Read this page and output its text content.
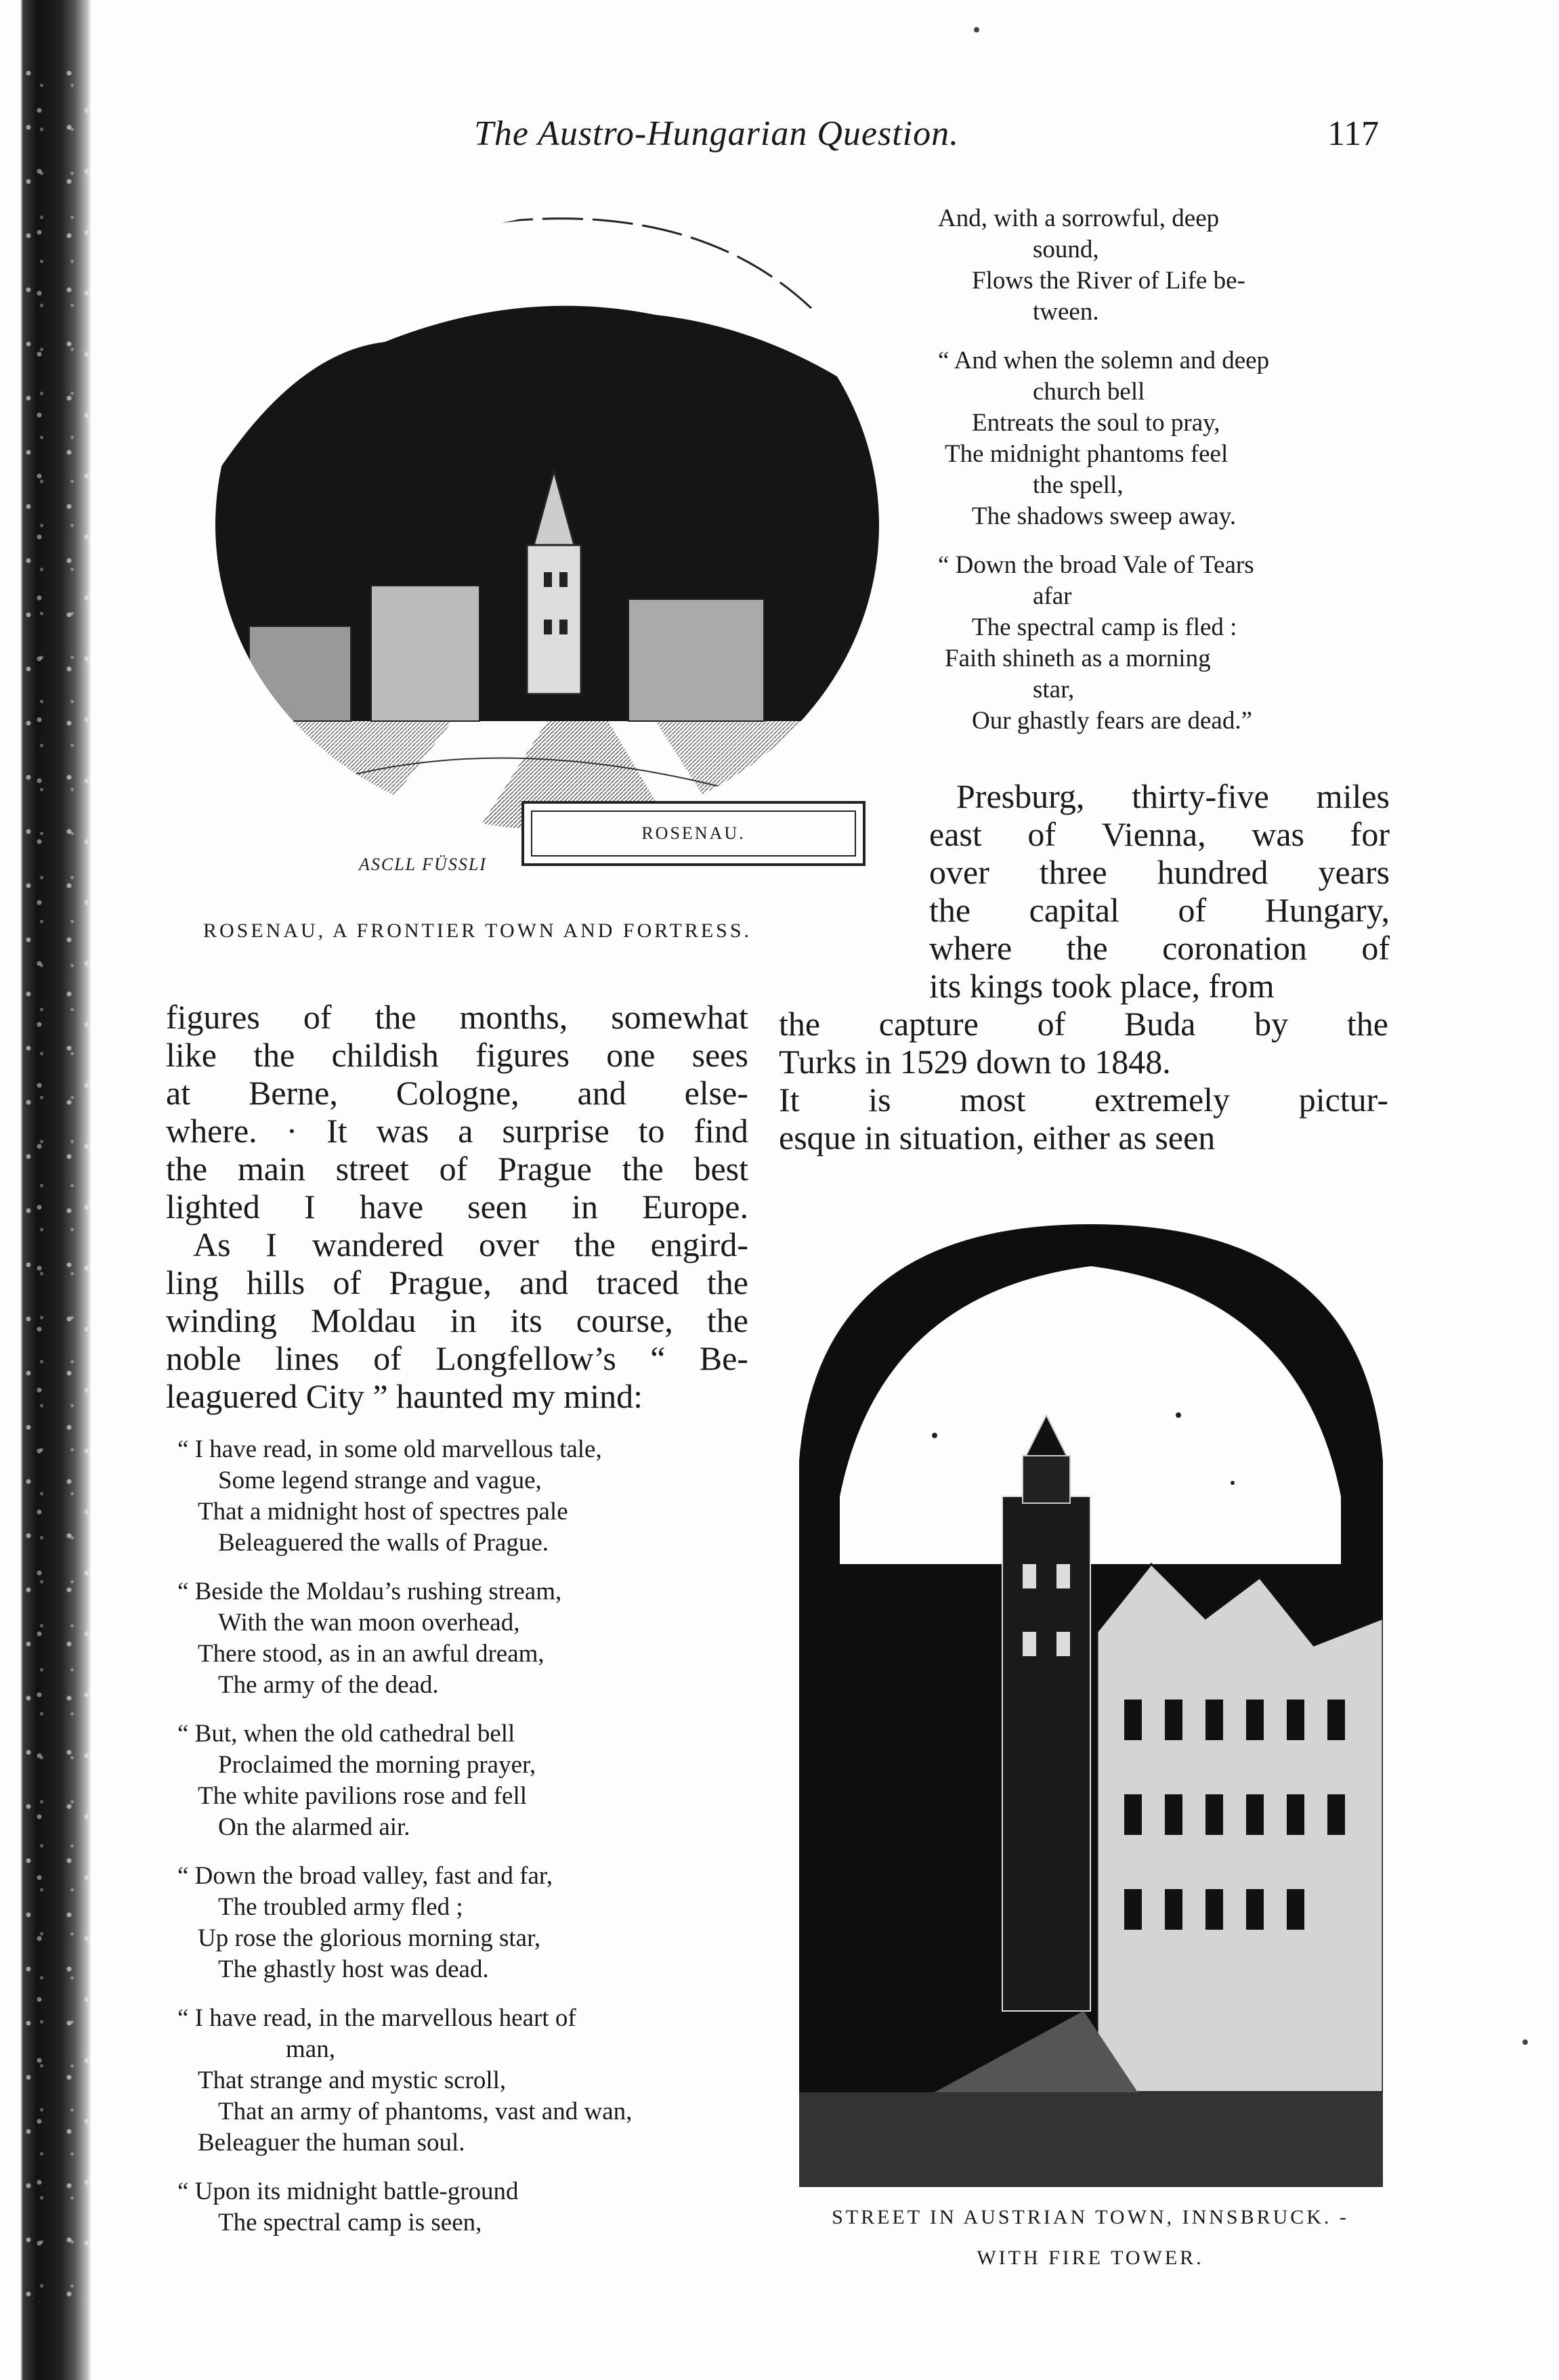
The Austro-Hungarian Question.	117
And, with a sorrowful, deep
sound,
Flows the River of Life be-
tween.
“ And when the solemn and deep
church bell
Entreats the soul to pray,
The midnight phantoms feel
the spell,
The shadows sweep away.
“ Down the broad Vale of Tears
afar
The spectral camp is fled :
Faith shineth as a morning
star,
Our ghastly fears are dead.”
ROSENAU.
ASCLL FÜSSLI
ROSENAU, A FRONTIER TOWN AND FORTRESS.
Presburg, thirty-five miles
east of Vienna, was for
over three hundred years
the capital of Hungary,
where the coronation of
its kings took place, from
the capture of Buda by the
Turks in 1529 down to 1848.
It is most extremely pictur-
esque in situation, either as seen
figures of the months, somewhat
like the childish figures one sees
at Berne, Cologne, and else-
where. · It was a surprise to find
the main street of Prague the best
lighted I have seen in Europe.
As I wandered over the engird-
ling hills of Prague, and traced the
winding Moldau in its course, the
noble lines of Longfellow’s “ Be-
leaguered City ” haunted my mind:
“ I have read, in some old marvellous tale,
Some legend strange and vague,
That a midnight host of spectres pale
Beleaguered the walls of Prague.
“ Beside the Moldau’s rushing stream,
With the wan moon overhead,
There stood, as in an awful dream,
The army of the dead.
“ But, when the old cathedral bell
Proclaimed the morning prayer,
The white pavilions rose and fell
On the alarmed air.
“ Down the broad valley, fast and far,
The troubled army fled ;
Up rose the glorious morning star,
The ghastly host was dead.
“ I have read, in the marvellous heart of
man,
That strange and mystic scroll,
That an army of phantoms, vast and wan,
Beleaguer the human soul.
“ Upon its midnight battle-ground
The spectral camp is seen,	STREET IN AUSTRIAN TOWN, INNSBRUCK. -
WITH FIRE TOWER.
